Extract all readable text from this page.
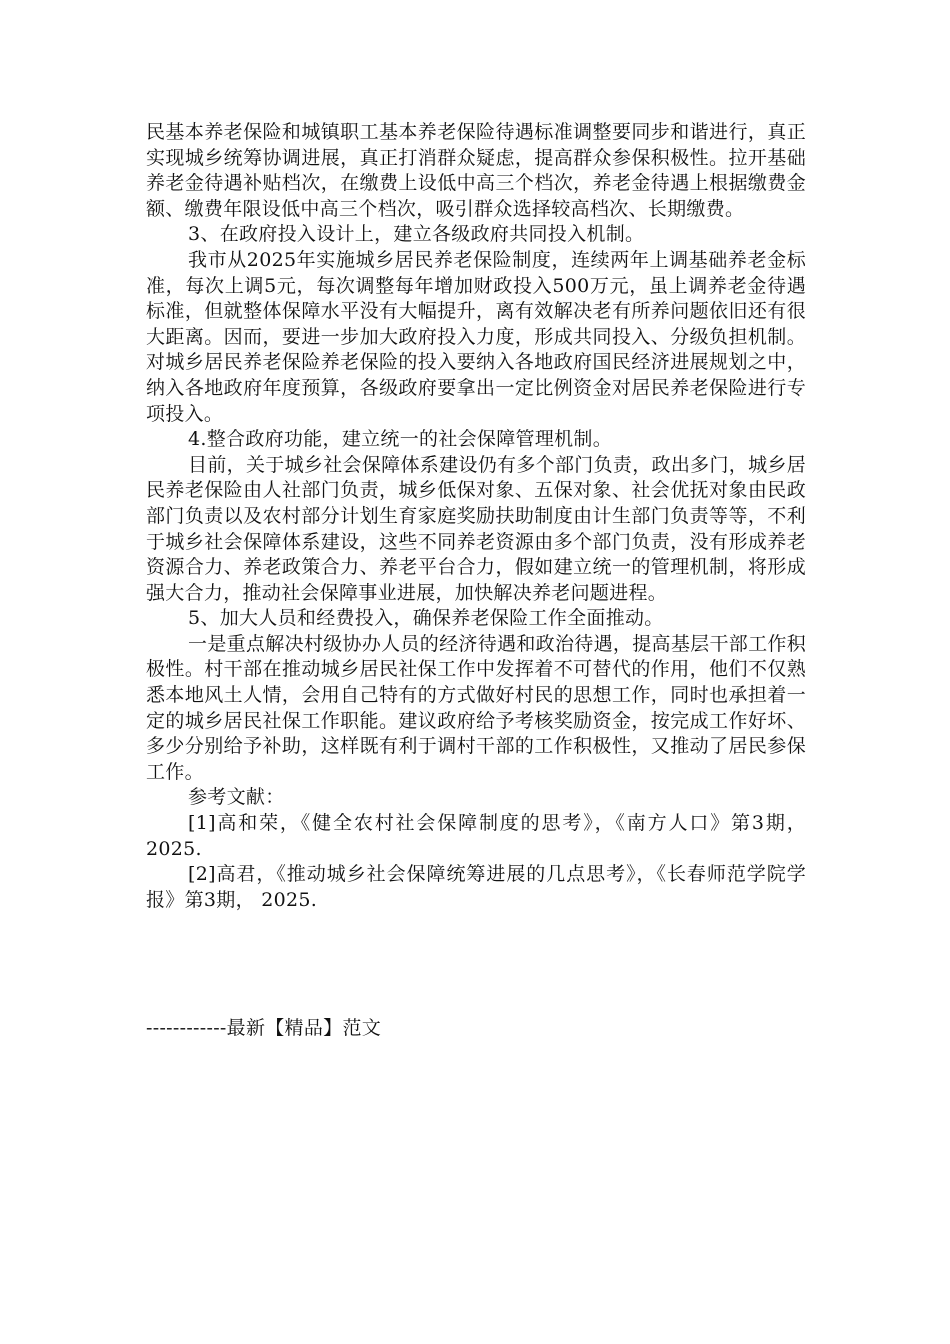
民基本养老保险和城镇职工基本养老保险待遇标准调整要同步和谐进行，真正实现城乡统筹协调进展，真正打消群众疑虑，提高群众参保积极性。拉开基础养老金待遇补贴档次，在缴费上设低中高三个档次，养老金待遇上根据缴费金额、缴费年限设低中高三个档次，吸引群众选择较高档次、长期缴费。

3、在政府投入设计上，建立各级政府共同投入机制。

我市从2025年实施城乡居民养老保险制度，连续两年上调基础养老金标准，每次上调5元，每次调整每年增加财政投入500万元，虽上调养老金待遇标准，但就整体保障水平没有大幅提升，离有效解决老有所养问题依旧还有很大距离。因而，要进一步加大政府投入力度，形成共同投入、分级负担机制。对城乡居民养老保险养老保险的投入要纳入各地政府国民经济进展规划之中，纳入各地政府年度预算，各级政府要拿出一定比例资金对居民养老保险进行专项投入。

4.整合政府功能，建立统一的社会保障管理机制。

目前，关于城乡社会保障体系建设仍有多个部门负责，政出多门，城乡居民养老保险由人社部门负责，城乡低保对象、五保对象、社会优抚对象由民政部门负责以及农村部分计划生育家庭奖励扶助制度由计生部门负责等等，不利于城乡社会保障体系建设，这些不同养老资源由多个部门负责，没有形成养老资源合力、养老政策合力、养老平台合力，假如建立统一的管理机制，将形成强大合力，推动社会保障事业进展，加快解决养老问题进程。

5、加大人员和经费投入，确保养老保险工作全面推动。

一是重点解决村级协办人员的经济待遇和政治待遇，提高基层干部工作积极性。村干部在推动城乡居民社保工作中发挥着不可替代的作用，他们不仅熟悉本地风土人情，会用自己特有的方式做好村民的思想工作，同时也承担着一定的城乡居民社保工作职能。建议政府给予考核奖励资金，按完成工作好坏、多少分别给予补助，这样既有利于调村干部的工作积极性，又推动了居民参保工作。

参考文献：

[1]高和荣，《健全农村社会保障制度的思考》，《南方人口》第3期， 2025.

[2]高君，《推动城乡社会保障统筹进展的几点思考》，《长春师范学院学报》第3期， 2025.

------------最新【精品】范文
